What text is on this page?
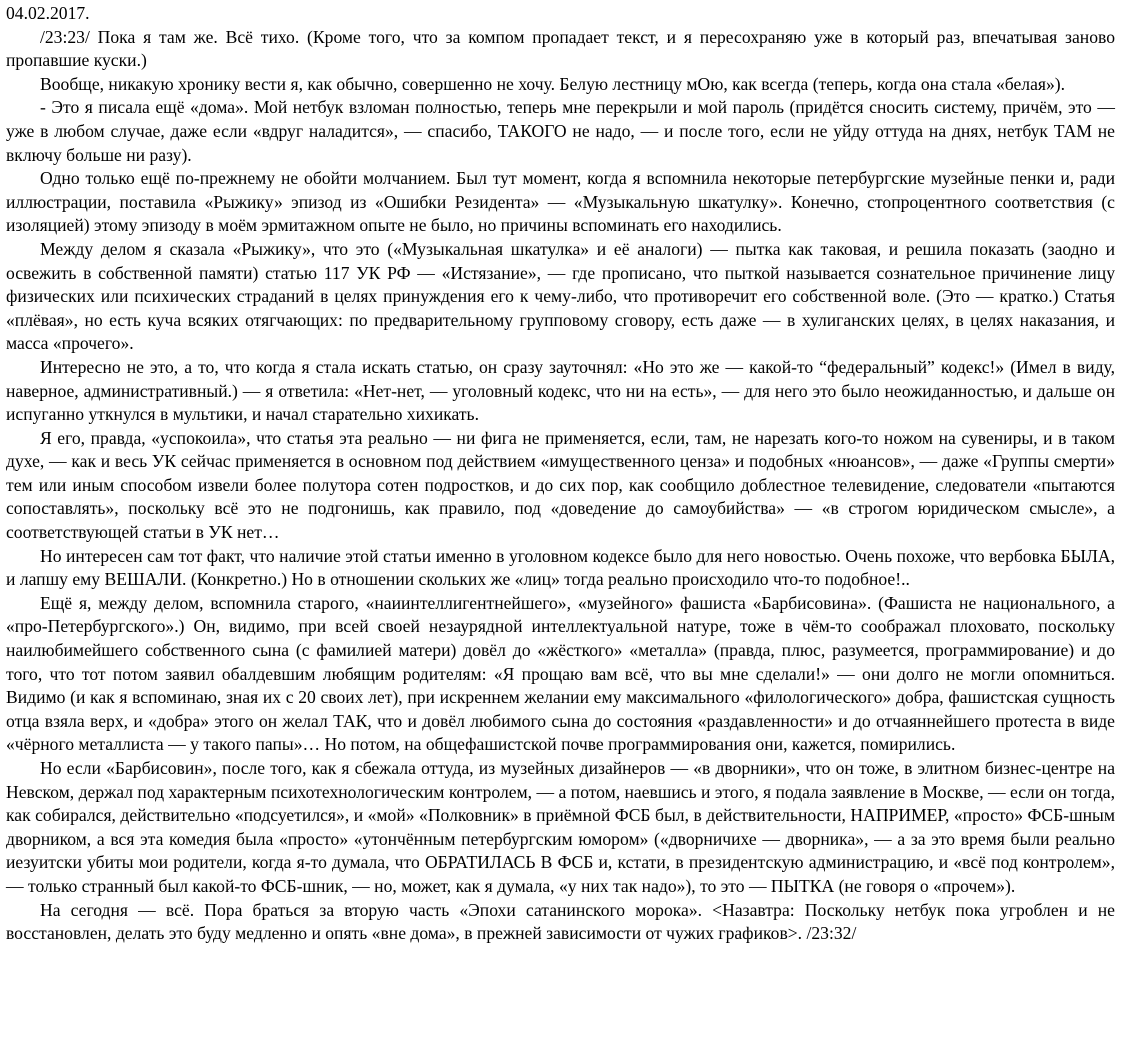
04.02.2017.

/23:23/ Пока я там же. Всё тихо. (Кроме того, что за компом пропадает текст, и я пересохраняю уже в который раз, впечатывая заново пропавшие куски.)

Вообще, никакую хронику вести я, как обычно, совершенно не хочу. Белую лестницу мОю, как всегда (теперь, когда она стала «белая»).

- Это я писала ещё «дома». Мой нетбук взломан полностью, теперь мне перекрыли и мой пароль (придётся сносить систему, причём, это — уже в любом случае, даже если «вдруг наладится», — спасибо, ТАКОГО не надо, — и после того, если не уйду оттуда на днях, нетбук ТАМ не включу больше ни разу).

Одно только ещё по-прежнему не обойти молчанием. Был тут момент, когда я вспомнила некоторые петербургские музейные пенки и, ради иллюстрации, поставила «Рыжику» эпизод из «Ошибки Резидента» — «Музыкальную шкатулку». Конечно, стопроцентного соответствия (с изоляцией) этому эпизоду в моём эрмитажном опыте не было, но причины вспоминать его находились.

Между делом я сказала «Рыжику», что это («Музыкальная шкатулка» и её аналоги) — пытка как таковая, и решила показать (заодно и освежить в собственной памяти) статью 117 УК РФ — «Истязание», — где прописано, что пыткой называется сознательное причинение лицу физических или психических страданий в целях принуждения его к чему-либо, что противоречит его собственной воле. (Это — кратко.) Статья «плёвая», но есть куча всяких отягчающих: по предварительному групповому сговору, есть даже — в хулиганских целях, в целях наказания, и масса «прочего».

Интересно не это, а то, что когда я стала искать статью, он сразу зауточнял: «Но это же — какой-то “федеральный” кодекс!» (Имел в виду, наверное, административный.) — я ответила: «Нет-нет, — уголовный кодекс, что ни на есть», — для него это было неожиданностью, и дальше он испуганно уткнулся в мультики, и начал старательно хихикать.

Я его, правда, «успокоила», что статья эта реально — ни фига не применяется, если, там, не нарезать кого-то ножом на сувениры, и в таком духе, — как и весь УК сейчас применяется в основном под действием «имущественного ценза» и подобных «нюансов», — даже «Группы смерти» тем или иным способом извели более полутора сотен подростков, и до сих пор, как сообщило доблестное телевидение, следователи «пытаются сопоставлять», поскольку всё это не подгонишь, как правило, под «доведение до самоубийства» — «в строгом юридическом смысле», а соответствующей статьи в УК нет…

Но интересен сам тот факт, что наличие этой статьи именно в уголовном кодексе было для него новостью. Очень похоже, что вербовка БЫЛА, и лапшу ему ВЕШАЛИ. (Конкретно.) Но в отношении скольких же «лиц» тогда реально происходило что-то подобное!..

Ещё я, между делом, вспомнила старого, «наиинтеллигентнейшего», «музейного» фашиста «Барбисовина». (Фашиста не национального, а «про-Петербургского».) Он, видимо, при всей своей незаурядной интеллектуальной натуре, тоже в чём-то соображал плоховато, поскольку наилюбимейшего собственного сына (с фамилией матери) довёл до «жёсткого» «металла» (правда, плюс, разумеется, программирование) и до того, что тот потом заявил обалдевшим любящим родителям: «Я прощаю вам всё, что вы мне сделали!» — они долго не могли опомниться. Видимо (и как я вспоминаю, зная их с 20 своих лет), при искреннем желании ему максимального «филологического» добра, фашистская сущность отца взяла верх, и «добра» этого он желал ТАК, что и довёл любимого сына до состояния «раздавленности» и до отчаяннейшего протеста в виде «чёрного металлиста — у такого папы»… Но потом, на общефашистской почве программирования они, кажется, помирились.

Но если «Барбисовин», после того, как я сбежала оттуда, из музейных дизайнеров — «в дворники», что он тоже, в элитном бизнес-центре на Невском, держал под характерным психотехнологическим контролем, — а потом, наевшись и этого, я подала заявление в Москве, — если он тогда, как собирался, действительно «подсуетился», и «мой» «Полковник» в приёмной ФСБ был, в действительности, НАПРИМЕР, «просто» ФСБ-шным дворником, а вся эта комедия была «просто» «утончённым петербургским юмором» («дворничихе — дворника», — а за это время были реально иезуитски убиты мои родители, когда я-то думала, что ОБРАТИЛАСЬ В ФСБ и, кстати, в президентскую администрацию, и «всё под контролем», — только странный был какой-то ФСБ-шник, — но, может, как я думала, «у них так надо»), то это — ПЫТКА (не говоря о «прочем»).

На сегодня — всё. Пора браться за вторую часть «Эпохи сатанинского морока». <Назавтра: Поскольку нетбук пока угроблен и не восстановлен, делать это буду медленно и опять «вне дома», в прежней зависимости от чужих графиков>. /23:32/
